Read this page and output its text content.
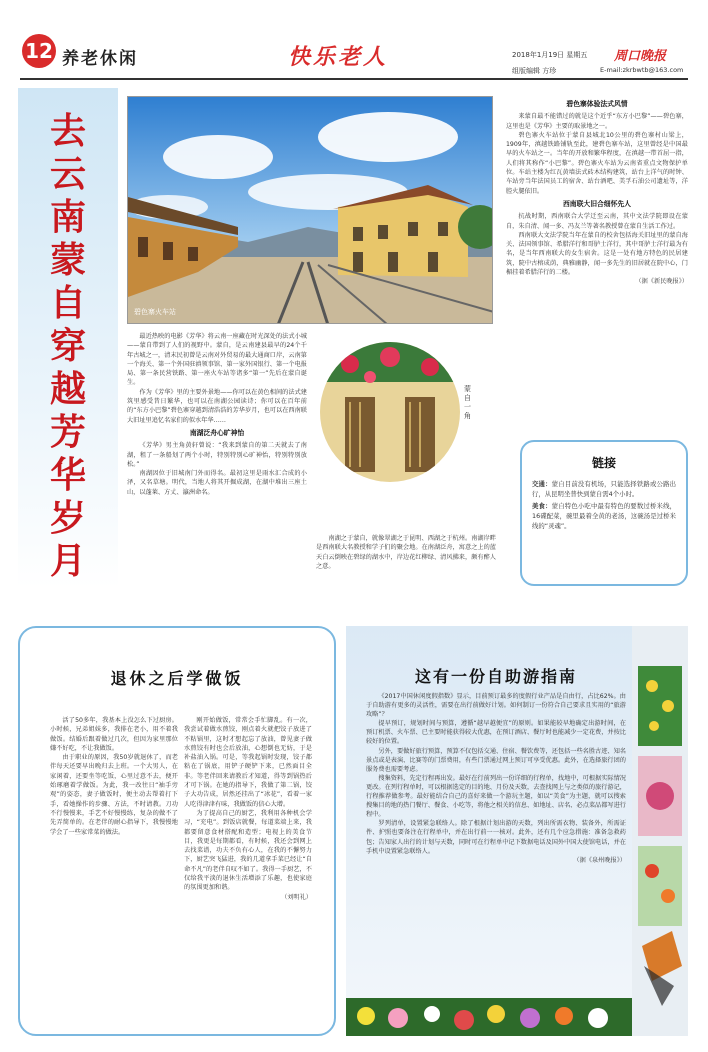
12 养老休闲	快乐老人	2018年1月19日 星期五 周口晚报
组版编辑 方珍	E-mail:zkrbwtb@163.com
去云南蒙自穿越芳华岁月
碧色寨火车站

最近热映的电影《芳华》将云南一座藏在时光深处的法式小城——蒙自带到了人们的视野中。蒙自，是云南建县最早的24个千年古城之一，清末民初曾是云南对外贸易的最大通商口岸，云南第一个海关、第一个外国驻滇领事馆、第一家外国银行、第一个电报局、第一条民营铁路、第一座火车站等诸多“第一”先后在蒙自诞生。

作为《芳华》里的主要外景地——你可以在黄色相间的法式建筑里感受昔日繁华，也可以在南湖公园读诗；你可以在百年前的“东方小巴黎”碧色寨穿越到清浩浩的芳华岁月，也可以在西南联大旧址里追忆名家们的似水年华……

南湖泛舟心旷神怡

《芳华》男主角黄轩曾说：“我来到蒙自的第二天就去了南湖，租了一条船划了两个小时，特别特别心旷神怡，特别特别放松。”

南湖因位于旧城南门外而得名。最初这里是雨水汇合成的小泽，又名草塘。明代，当地人将其开掘成湖，在湖中堆出三座土山，以蓬莱、方丈、瀛洲命名。

蒙自一角

南湖之于蒙自，就像翠湖之于昆明、西湖之于杭州。南湖岸畔是西南联大名教授和学子们的聚会地。在南湖泛舟，寓意之上的蓝天白云倒映在碧绿的湖水中，岸边花红柳绿、清风拂来，颇有醉人之意。

碧色寨体验法式风情

来蒙自最不能错过的就是这个近乎“东方小巴黎”——碧色寨，这里也是《芳华》主要的取景地之一。

碧色寨火车站位于蒙自县城北10公里的碧色寨村山梁上，1909年，滇越铁路铺轨至此，建碧色寨车站，这里曾经是中国最早的火车站之一。当年的开放和繁华程度，在滇越一带首屈一指，人们将其称作“小巴黎”。碧色寨火车站为云南省重点文物保护单位。车站主楼为红瓦黄墙法式砖木结构建筑，站台上洋气的时钟、车站旁当年法国员工的宿舍、站台酒吧、美孚石油公司遗址等，洋腔火腿依旧。

西南联大旧合细怀先人

抗战时期，西南联合大学迁至云南，其中文法学院即设在蒙自，朱自清、闻一多、冯友兰等著名教授曾在蒙自生活工作过。

西南联大文法学院当年在蒙自的校舍包括海关旧址里的蒙自海关、法国领事馆、希腊洋行和哥胪士洋行，其中哥胪士洋行最为有名，是当年西南联大的女生宿舍。这是一处有地方特色的民居建筑，院中古榕成荫，典雅幽静，闻一多先生的旧居就在院中心，门楣挂着希腊洋行的二楼。

（据《新民晚报》）
链接
交通：蒙自目前没有机场，只能选择铁路或公路出行，从昆明坐普快到蒙自需4个小时。
美食：蒙自特色小吃中最有特色的要数过桥米线，16碟配菜，碗里最着全黄的老汤，这碗汤是过桥米线的“灵魂”。
退休之后学做饭

活了50多年，我基本上没怎么下过厨房。小时候，兄弟姐妹多，我排在老小，用不着我做饭。结婚后跟着做过几次，但因为家里那位嫌不好吃，不让我做饭。

由于职业的原因，我50岁就退休了，而老伴每天还要早出晚归去上班。一个大男人，在家闲着，还要坐等吃饭，心里过意不去，便开始琢磨着学做饭。为此，我一改往日“袖手旁观”的姿态，妻子做饭时，便主动去帮着打下手，看她操作的步骤、方法，不时请教。刀功不行慢慢来，手艺不好慢慢练，复杂的做不了先弄简单的。在老伴的耐心指导下，我慢慢地学会了一些家常菜的做法。

刚开始做饭，常常会手忙脚乱。有一次，我尝试着做水煎饺，刚点着火就把饺子放进了不粘锅里，这时才想起忘了放油，曾见妻子做水煎饺有时也会后放油，心想倒也无妨，于是补盐油入锅。可是，等我起锅时发现，饺子都粘在了锅底，用铲子硬铲下来，已然面目全非。等老伴回来请教后才知道，得等到锅热后才可下锅。在她的指导下，我做了第二锅，饺子大功告成，居然还挂出了“冰花”，看着一家人吃得津津有味，我做饭的信心大增。

为了提高自己的厨艺，我利用各种机会学习，“充电”。到饭店就餐，每道菜端上来，我都要留意食材搭配和造型；电视上的美食节目，我更是每期都看，有时候，我还会到网上去找菜谱，功夫不负有心人，在我的不懈努力下，厨艺突飞猛进，我的几道拿手菜已经让“自命不凡”的老伴自叹不如了。我得一手厨艺，不仅给我平淡的退休生活增添了乐趣，也使家庭的氛围更加和谐。

（刘明礼）
这有一份自助游指南

《2017中国休闲度假指数》显示，目前预订最多的度假行业产品是自由行，占比62%。由于自助游有更多的灵活性，需要在出行前做好计划。如何制订一份符合自己要求且实用的“旅游攻略”？

提早预订，规划时间与预算，遵循“越早越便宜”的原则。如果能较早地确定出游时间，在预订机票、火车票、已主要时能获得较大优惠，在预订酒店、餐厅时也能减少一定花费，并按比较好的位置。

另外，要做好旅行预算，预算不仅包括交通、住宿、餐饮费等，还包括一些名胜古迹、知名景点或是表演、比赛等的门票费用，有些门票通过网上预订可享受优惠。此外，在选择旅行团的服务费也需要考虑。

搜集资料，先定行程再出发。最好在行前列出一份详细的行程单，找地中，可根据实际情况更改。在列行程单时，可以根据选定的目的地、月份及天数，去查找网上与之类似的旅行游记，行程推荐做参考。最好能结合自己的喜好来做一个游玩主题，如以“美食”为主题，就可以搜索搜集目的地的热门餐厅、餐食、小吃等，将他之相关的信息、如地址、店名、必点菜品都写进行程中。

罗列清单，设置紧急联络人。除了根据计划出游的天数，列出所需衣物、装备外，所需证件、护照也要备注在行程单中，并在出行前一一核对。此外，还有几个应急措施：准备急救药包；告知家人出行的计划与天数，同时可在行程单中记下数据电话及国外中国大使馆电话，并在手机中设置紧急联络人。

（据《泉州晚报》）
